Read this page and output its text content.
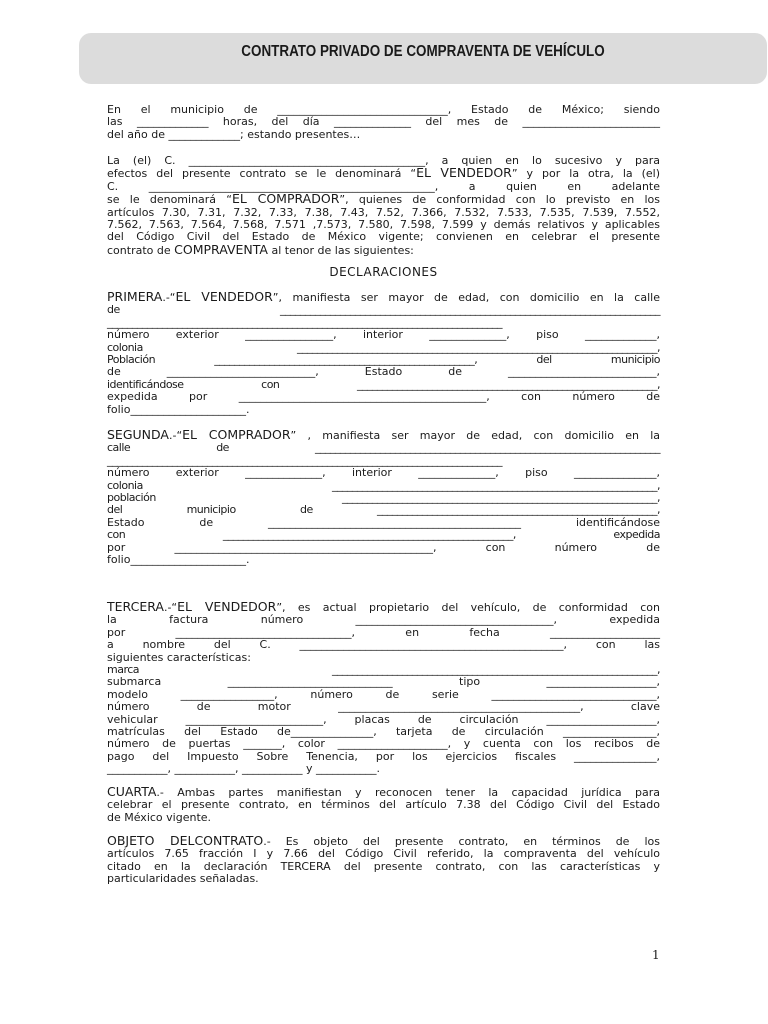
CONTRATO PRIVADO DE COMPRAVENTA DE VEHÍCULO
En el municipio de _______________________________, Estado de México; siendo
las _____________ horas, del día ______________ del mes de _________________________
del año de _____________; estando presentes…
La (el) C. ___________________________________________, a quien en lo sucesivo y para
efectos del presente contrato se le denominará “EL VENDEDOR” y por la otra, la (el)
C. ____________________________________________________, a quien en adelante
se le denominará “EL COMPRADOR”, quienes de conformidad con lo previsto en los
artículos 7.30, 7.31, 7.32, 7.33, 7.38, 7.43, 7.52, 7.366, 7.532, 7.533, 7.535, 7.539, 7.552,
7.562, 7.563, 7.564, 7.568, 7.571 ,7.573, 7.580, 7.598, 7.599 y demás relativos y aplicables
del Código Civil del Estado de México vigente; convienen en celebrar el presente
contrato de COMPRAVENTA al tenor de las siguientes:
DECLARACIONES
PRIMERA.-“EL VENDEDOR”, manifiesta ser mayor de edad, con domicilio en la calle
de ____________________________________________________________________________
_______________________________________________________________________________
número exterior ________________, interior ______________, piso _____________,
colonia ________________________________________________________________________,
Población ____________________________________________________, del municipio
de ___________________________, Estado de ___________________________,
identificándose con ____________________________________________________________,
expedida por _____________________________________________, con número de
folio_____________________.
SEGUNDA.-“EL COMPRADOR” , manifiesta ser mayor de edad, con domicilio en la
calle de _____________________________________________________________________
_______________________________________________________________________________
número exterior ______________, interior ______________, piso _______________,
colonia _________________________________________________________________,
población _______________________________________________________________,
del municipio de ________________________________________________________,
Estado de ______________________________________________ identificándose
con __________________________________________________________, expedida
por _______________________________________________, con número de
folio_____________________.
TERCERA.-“EL VENDEDOR”, es actual propietario del vehículo, de conformidad con
la factura número ____________________________________, expedida
por ________________________________, en fecha ____________________
a nombre del C. ________________________________________________, con las
siguientes características:
marca _________________________________________________________________,
submarca ______________________________ tipo ____________________,
modelo _________________, número de serie ______________________________,
número de motor ____________________________________________, clave
vehicular _________________________, placas de circulación ____________________,
matrículas del Estado de_______________, tarjeta de circulación _________________,
número de puertas _______, color ____________________, y cuenta con los recibos de
pago del Impuesto Sobre Tenencia, por los ejercicios fiscales _______________,
___________, ___________, ___________ y ___________.
CUARTA.- Ambas partes manifiestan y reconocen tener la capacidad jurídica para
celebrar el presente contrato, en términos del artículo 7.38 del Código Civil del Estado
de México vigente.
OBJETO DELCONTRATO.- Es objeto del presente contrato, en términos de los
artículos 7.65 fracción I y 7.66 del Código Civil referido, la compraventa del vehículo
citado en la declaración TERCERA del presente contrato, con las características y
particularidades señaladas.
1
